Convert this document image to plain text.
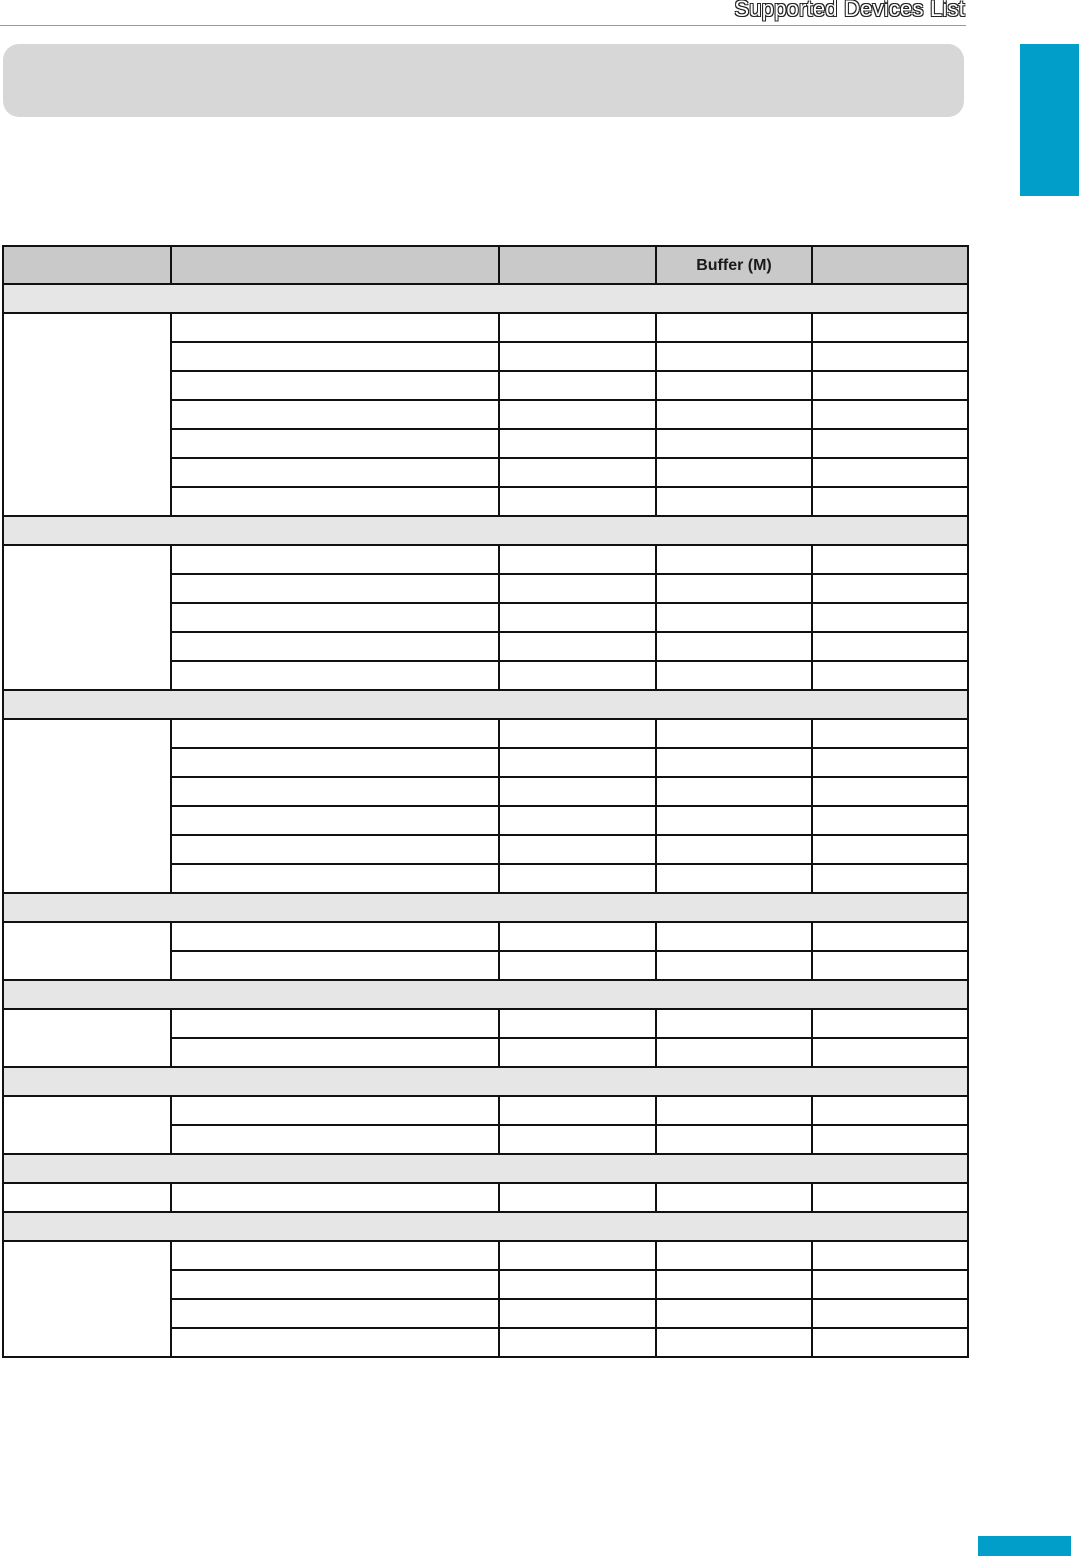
Supported Devices List
			Buffer (M)	
